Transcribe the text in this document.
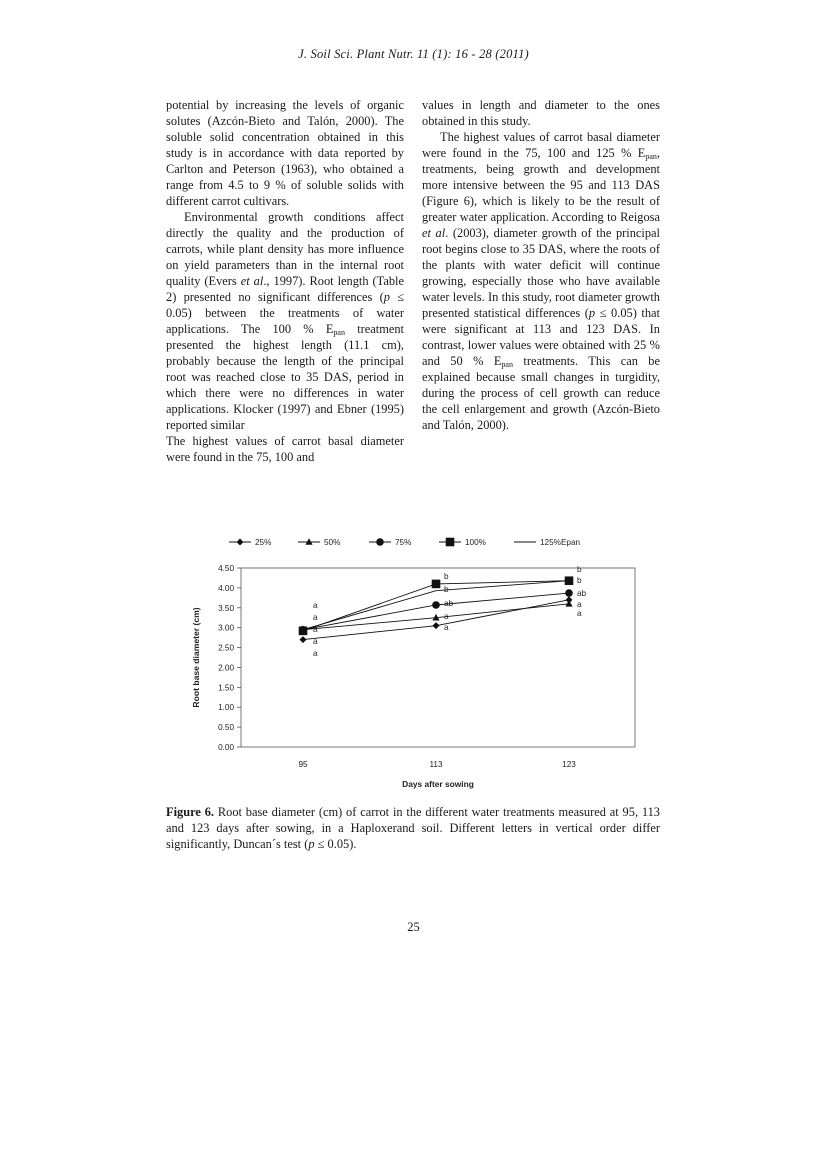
J. Soil Sci. Plant Nutr. 11 (1): 16 - 28 (2011)

potential by increasing the levels of organic solutes (Azcón-Bieto and Talón, 2000). The soluble solid concentration obtained in this study is in accordance with data reported by Carlton and Peterson (1963), who obtained a range from 4.5 to 9 % of soluble solids with different carrot cultivars.

Environmental growth conditions affect directly the quality and the production of carrots, while plant density has more influence on yield parameters than in the internal root quality (Evers et al., 1997). Root length (Table 2) presented no significant differences (p ≤ 0.05) between the treatments of water applications. The 100 % $E_{pan}$ treatment presented the highest length (11.1 cm), probably because the length of the principal root was reached close to 35 DAS, period in which there were no differences in water applications. Klocker (1997) and Ebner (1995) reported similar

The highest values of carrot basal diameter were found in the 75, 100 and

values in length and diameter to the ones obtained in this study.

The highest values of carrot basal diameter were found in the 75, 100 and 125 % $E_{pan}$, treatments, being growth and development more intensive between the 95 and 113 DAS (Figure 6), which is likely to be the result of greater water application. According to Reigosa et al. (2003), diameter growth of the principal root begins close to 35 DAS, where the roots of the plants with water deficit will continue growing, especially those who have available water levels. In this study, root diameter growth presented statistical differences (p ≤ 0.05) that were significant at 113 and 123 DAS. In contrast, lower values were obtained with 25 % and 50 % $E_{pan}$ treatments. This can be explained because small changes in turgidity, during the process of cell growth can reduce the cell enlargement and growth (Azcón-Bieto and Talón, 2000).

0.00
0.50
1.00
1.50
2.00
2.50
3.00
3.50
4.00
4.50
95	113	123
Days after sowing
Root base diameter (cm)
a
a
a
a
a
b
b
ab
a
a
b
b
ab
a
a
25%	50%	75%	100%	125%Epan
Figure 6. Root base diameter (cm) of carrot in the different water treatments measured at 95, 113 and 123 days after sowing, in a Haploxerand soil. Different letters in vertical order differ significantly, Duncan´s test (p ≤ 0.05).
25
